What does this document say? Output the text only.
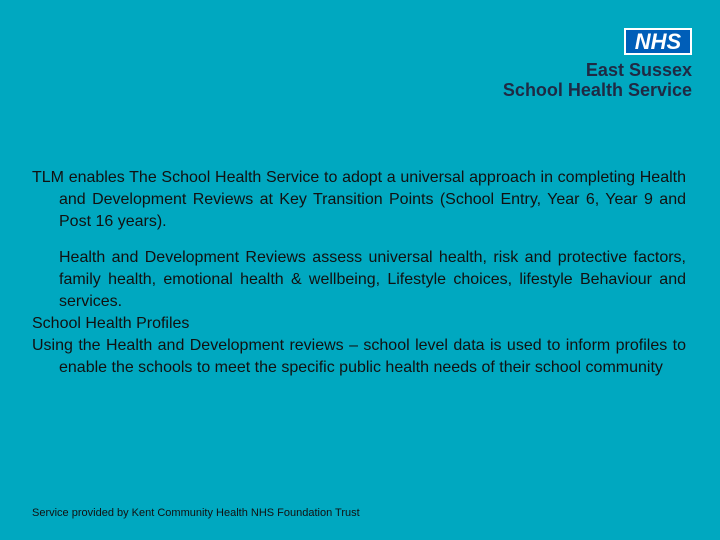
NHS
East Sussex
School Health Service

TLM enables The School Health Service to adopt a universal approach in completing Health and Development Reviews at Key Transition Points (School Entry, Year 6, Year 9 and Post 16 years).

Health and Development Reviews assess universal health, risk and protective factors, family health, emotional health & wellbeing, Lifestyle choices, lifestyle Behaviour and services.

School Health Profiles

Using the Health and Development reviews – school level data is used to inform profiles to enable the schools to meet the specific public health needs of their school community

Service provided by Kent Community Health NHS Foundation Trust
